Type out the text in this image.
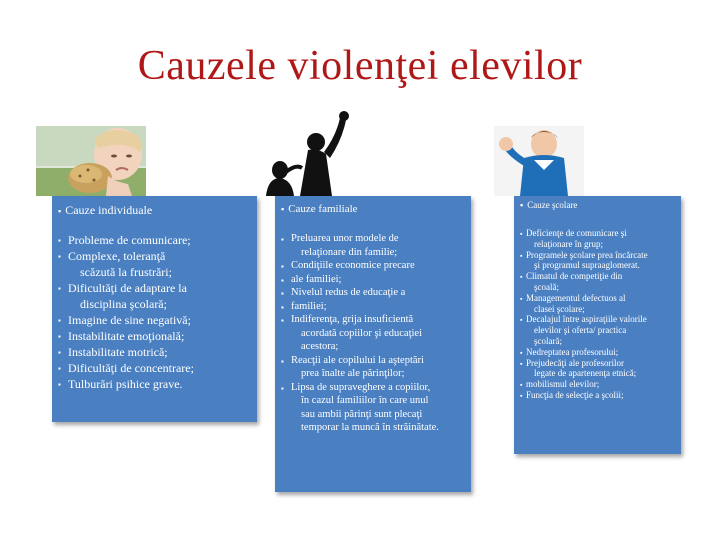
Cauzele violenţei elevilor
▪ Cauze individuale
▪ Probleme de comunicare;
▪ Complexe, toleranţă
scăzută la frustrări;
▪ Dificultăţi de adaptare la
disciplina şcolară;
▪ Imagine de sine negativă;
▪ Instabilitate emoţională;
▪ Instabilitate motrică;
▪ Dificultăţi de concentrare;
▪ Tulburări psihice grave.
▪ Cauze familiale
▪ Preluarea unor modele de
relaţionare din familie;
▪ Condiţiile economice precare
▪ ale familiei;
▪ Nivelul redus de educaţie a
▪ familiei;
▪ Indiferenţa, grija insuficientă
acordată copiilor şi educaţiei
acestora;
▪ Reacţii ale copilului la aşteptări
prea înalte ale părinţilor;
▪ Lipsa de supraveghere a copiilor,
în cazul familiilor în care unul
sau ambii părinţi sunt plecaţi
temporar la muncă în străinătate.
▪ Cauze şcolare
▪ Deficienţe de comunicare şi
relaţionare în grup;
▪ Programele şcolare prea încărcate
şi programul supraaglomerat.
▪ Climatul de competiţie din
şcoală;
▪ Managementul defectuos al
clasei şcolare;
▪ Decalajul între aspiraţiile valorile
elevilor şi oferta/ practica
şcolară;
▪ Nedreptatea profesorului;
▪ Prejudecăţi ale profesorilor
legate de apartenenţa etnică;
▪ mobilismul elevilor;
▪ Funcţia de selecţie a şcolii;
